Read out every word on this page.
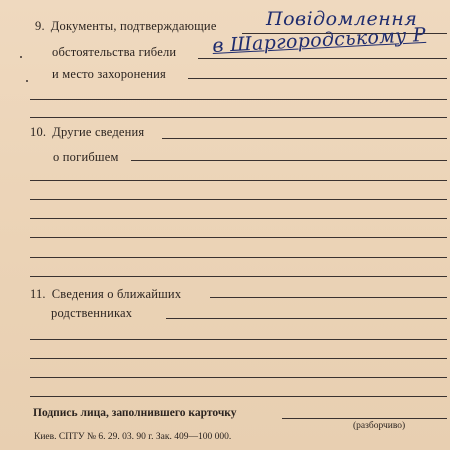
9. Документы, подтверждающие	Повідомлення
обстоятельства гибели в Шаргородському Р
и место захоронения
10. Другие сведения
о погибшем
11. Сведения о ближайших
родственниках
Подпись лица, заполнившего карточку
(разборчиво)
Киев. СПТУ № 6. 29. 03. 90 г. Зак. 409—100 000.
